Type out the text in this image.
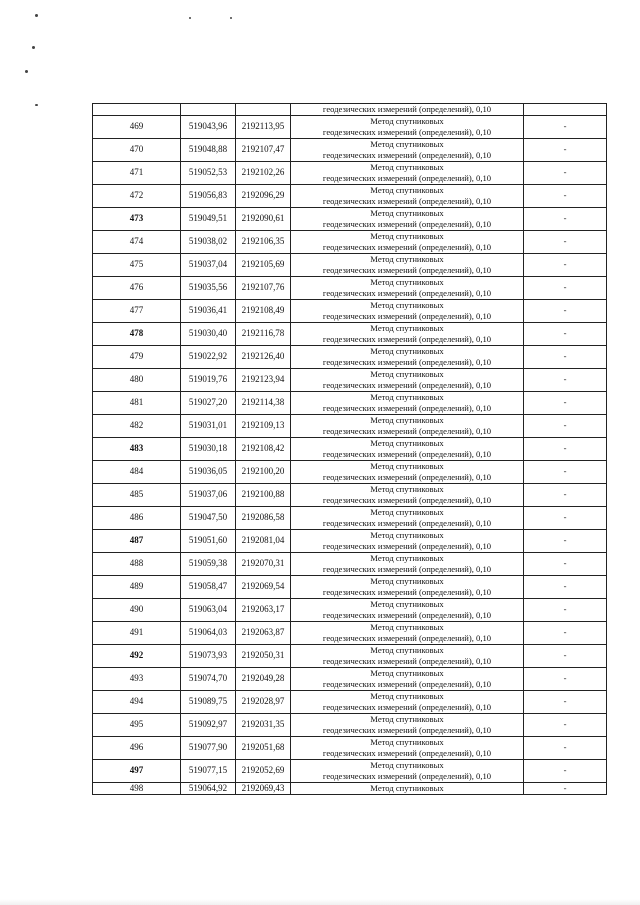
			геодезических измерений (определений), 0,10	
469	519043,96	2192113,95	Метод спутниковых
геодезических измерений (определений), 0,10	-
470	519048,88	2192107,47	Метод спутниковых
геодезических измерений (определений), 0,10	-
471	519052,53	2192102,26	Метод спутниковых
геодезических измерений (определений), 0,10	-
472	519056,83	2192096,29	Метод спутниковых
геодезических измерений (определений), 0,10	-
473	519049,51	2192090,61	Метод спутниковых
геодезических измерений (определений), 0,10	-
474	519038,02	2192106,35	Метод спутниковых
геодезических измерений (определений), 0,10	-
475	519037,04	2192105,69	Метод спутниковых
геодезических измерений (определений), 0,10	-
476	519035,56	2192107,76	Метод спутниковых
геодезических измерений (определений), 0,10	-
477	519036,41	2192108,49	Метод спутниковых
геодезических измерений (определений), 0,10	-
478	519030,40	2192116,78	Метод спутниковых
геодезических измерений (определений), 0,10	-
479	519022,92	2192126,40	Метод спутниковых
геодезических измерений (определений), 0,10	-
480	519019,76	2192123,94	Метод спутниковых
геодезических измерений (определений), 0,10	-
481	519027,20	2192114,38	Метод спутниковых
геодезических измерений (определений), 0,10	-
482	519031,01	2192109,13	Метод спутниковых
геодезических измерений (определений), 0,10	-
483	519030,18	2192108,42	Метод спутниковых
геодезических измерений (определений), 0,10	-
484	519036,05	2192100,20	Метод спутниковых
геодезических измерений (определений), 0,10	-
485	519037,06	2192100,88	Метод спутниковых
геодезических измерений (определений), 0,10	-
486	519047,50	2192086,58	Метод спутниковых
геодезических измерений (определений), 0,10	-
487	519051,60	2192081,04	Метод спутниковых
геодезических измерений (определений), 0,10	-
488	519059,38	2192070,31	Метод спутниковых
геодезических измерений (определений), 0,10	-
489	519058,47	2192069,54	Метод спутниковых
геодезических измерений (определений), 0,10	-
490	519063,04	2192063,17	Метод спутниковых
геодезических измерений (определений), 0,10	-
491	519064,03	2192063,87	Метод спутниковых
геодезических измерений (определений), 0,10	-
492	519073,93	2192050,31	Метод спутниковых
геодезических измерений (определений), 0,10	-
493	519074,70	2192049,28	Метод спутниковых
геодезических измерений (определений), 0,10	-
494	519089,75	2192028,97	Метод спутниковых
геодезических измерений (определений), 0,10	-
495	519092,97	2192031,35	Метод спутниковых
геодезических измерений (определений), 0,10	-
496	519077,90	2192051,68	Метод спутниковых
геодезических измерений (определений), 0,10	-
497	519077,15	2192052,69	Метод спутниковых
геодезических измерений (определений), 0,10	-
498	519064,92	2192069,43	Метод спутниковых	-
